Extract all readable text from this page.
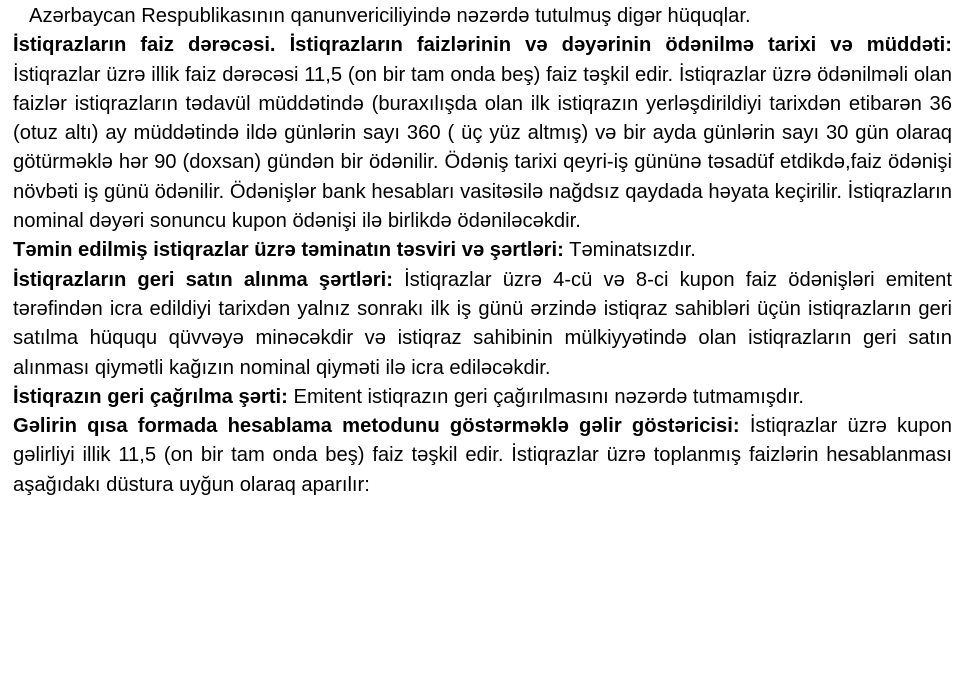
Azərbaycan Respublikasının qanunvericiliyində nəzərdə tutulmuş digər hüquqlar.

İstiqrazların faiz dərəcəsi. İstiqrazların faizlərinin və dəyərinin ödənilmə tarixi və müddəti: İstiqrazlar üzrə illik faiz dərəcəsi 11,5 (on bir tam onda beş) faiz təşkil edir. İstiqrazlar üzrə ödənilməli olan faizlər istiqrazların tədavül müddətində (buraxılışda olan ilk istiqrazın yerləşdirildiyi tarixdən etibarən 36 (otuz altı) ay müddətində ildə günlərin sayı 360 ( üç yüz altmış) və bir ayda günlərin sayı 30 gün olaraq götürməklə hər 90 (doxsan) gündən bir ödənilir. Ödəniş tarixi qeyri-iş gününə təsadüf etdikdə,faiz ödənişi növbəti iş günü ödənilir. Ödənişlər bank hesabları vasitəsilə nağdsız qaydada həyata keçirilir. İstiqrazların nominal dəyəri sonuncu kupon ödənişi ilə birlikdə ödəniləcəkdir.

Təmin edilmiş istiqrazlar üzrə təminatın təsviri və şərtləri: Təminatsızdır.

İstiqrazların geri satın alınma şərtləri: İstiqrazlar üzrə 4-cü və 8-ci kupon faiz ödənişləri emitent tərəfindən icra edildiyi tarixdən yalnız sonrakı ilk iş günü ərzində istiqraz sahibləri üçün istiqrazların geri satılma hüququ qüvvəyə minəcəkdir və istiqraz sahibinin mülkiyyətində olan istiqrazların geri satın alınması qiymətli kağızın nominal qiyməti ilə icra ediləcəkdir.

İstiqrazın geri çağrılma şərti: Emitent istiqrazın geri çağırılmasını nəzərdə tutmamışdır.

Gəlirin qısa formada hesablama metodunu göstərməklə gəlir göstəricisi: İstiqrazlar üzrə kupon gəlirliyi illik 11,5 (on bir tam onda beş) faiz təşkil edir. İstiqrazlar üzrə toplanmış faizlərin hesablanması aşağıdakı düstura uyğun olaraq aparılır:
